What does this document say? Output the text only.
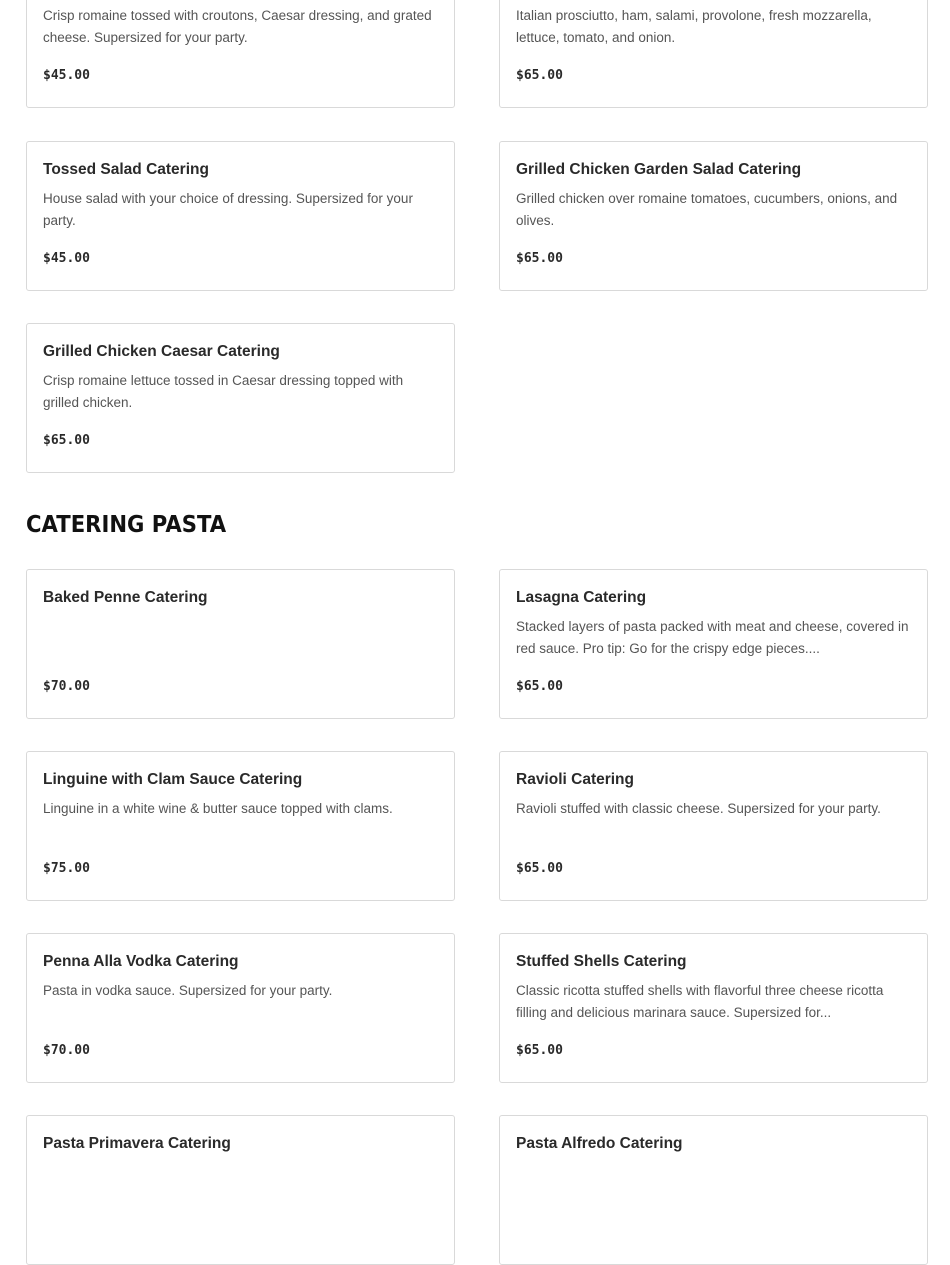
Crisp romaine tossed with croutons, Caesar dressing, and grated cheese. Supersized for your party.
$45.00
Italian prosciutto, ham, salami, provolone, fresh mozzarella, lettuce, tomato, and onion.
$65.00
Tossed Salad Catering
House salad with your choice of dressing. Supersized for your party.
$45.00
Grilled Chicken Garden Salad Catering
Grilled chicken over romaine tomatoes, cucumbers, onions, and olives.
$65.00
Grilled Chicken Caesar Catering
Crisp romaine lettuce tossed in Caesar dressing topped with grilled chicken.
$65.00
CATERING PASTA
Baked Penne Catering
$70.00
Lasagna Catering
Stacked layers of pasta packed with meat and cheese, covered in red sauce. Pro tip: Go for the crispy edge pieces....
$65.00
Linguine with Clam Sauce Catering
Linguine in a white wine & butter sauce topped with clams.
$75.00
Ravioli Catering
Ravioli stuffed with classic cheese. Supersized for your party.
$65.00
Penna Alla Vodka Catering
Pasta in vodka sauce. Supersized for your party.
$70.00
Stuffed Shells Catering
Classic ricotta stuffed shells with flavorful three cheese ricotta filling and delicious marinara sauce. Supersized for...
$65.00
Pasta Primavera Catering	Pasta Alfredo Catering
